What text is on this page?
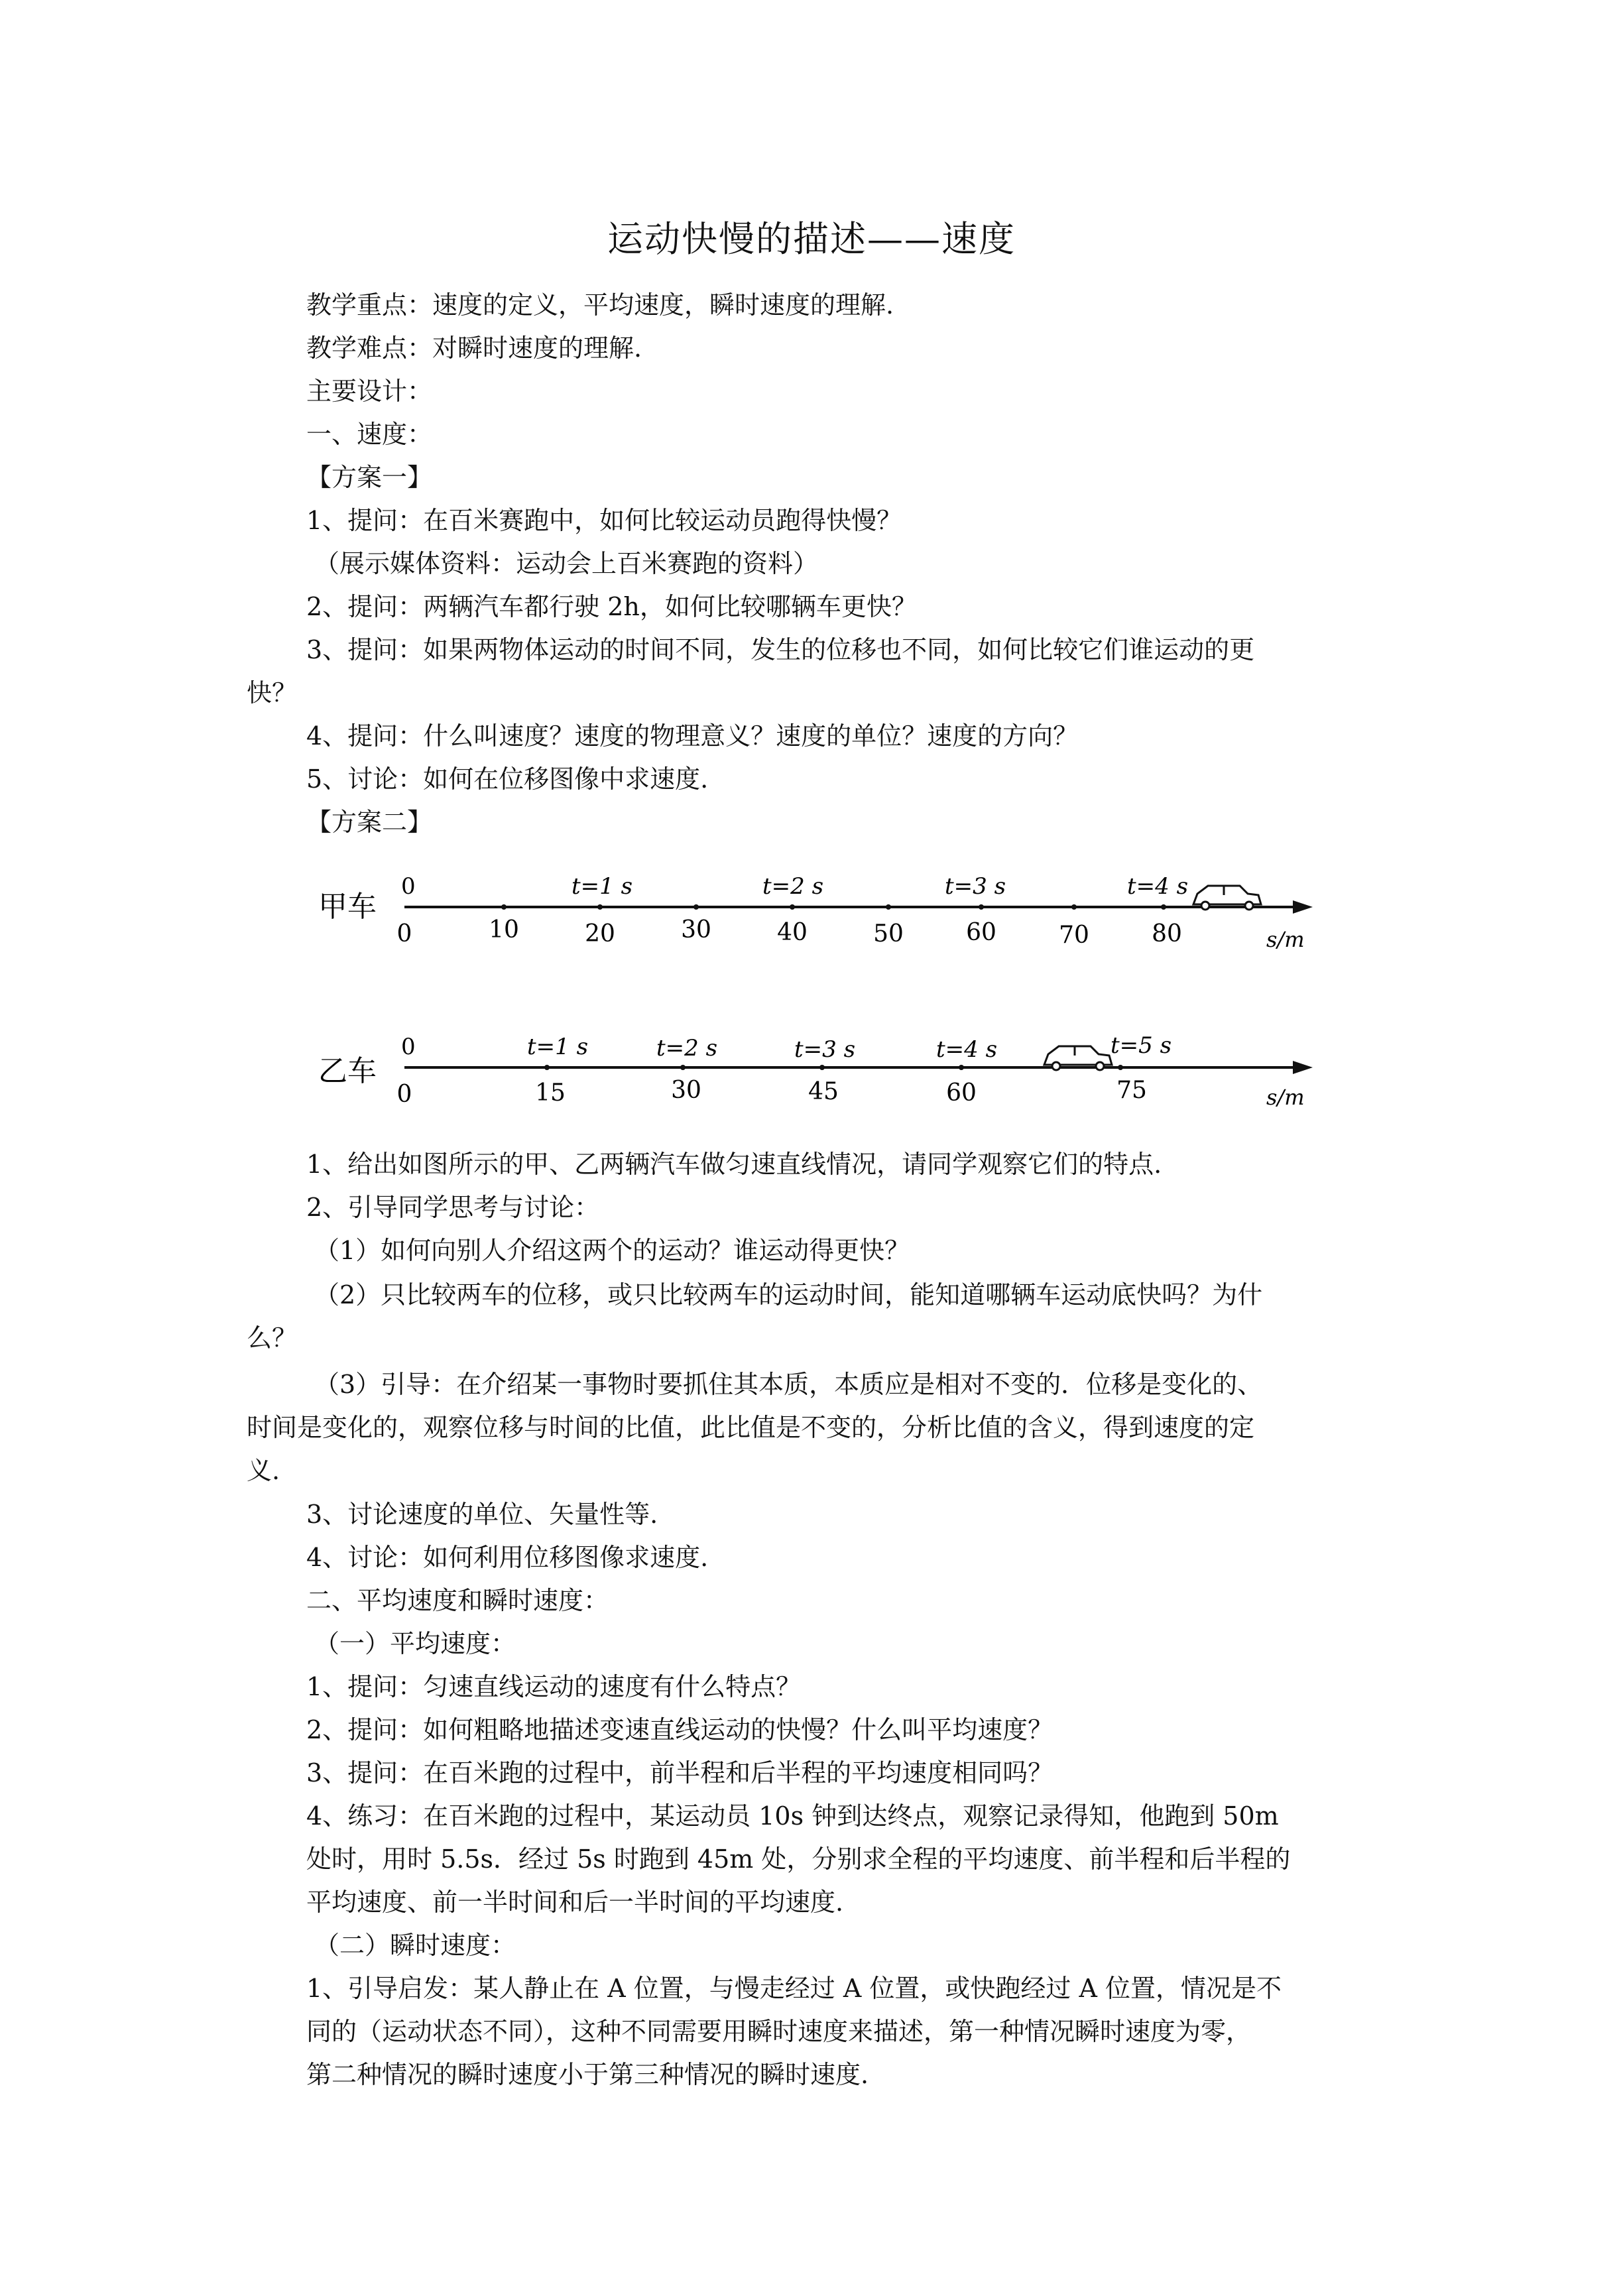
运动快慢的描述——速度
教学重点：速度的定义，平均速度，瞬时速度的理解.
教学难点：对瞬时速度的理解.
主要设计：
一、速度：
【方案一】
1、提问：在百米赛跑中，如何比较运动员跑得快慢？
（展示媒体资料：运动会上百米赛跑的资料）
2、提问：两辆汽车都行驶 2h，如何比较哪辆车更快？
3、提问：如果两物体运动的时间不同，发生的位移也不同，如何比较它们谁运动的更
快？
4、提问：什么叫速度？速度的物理意义？速度的单位？速度的方向？
5、讨论：如何在位移图像中求速度.
【方案二】
甲车
0	t=1 s	t=2 s	t=3 s	t=4 s
0	10	20	30	40	50	60	70	80	s/m
乙车
0	t=1 s	t=2 s	t=3 s	t=4 s	t=5 s
0	15	30	45	60	75	s/m
1、给出如图所示的甲、乙两辆汽车做匀速直线情况，请同学观察它们的特点.
2、引导同学思考与讨论：
（1）如何向别人介绍这两个的运动？谁运动得更快？
（2）只比较两车的位移，或只比较两车的运动时间，能知道哪辆车运动底快吗？为什
么？
（3）引导：在介绍某一事物时要抓住其本质，本质应是相对不变的．位移是变化的、
时间是变化的，观察位移与时间的比值，此比值是不变的，分析比值的含义，得到速度的定
义.
3、讨论速度的单位、矢量性等.
4、讨论：如何利用位移图像求速度.
二、平均速度和瞬时速度：
（一）平均速度：
1、提问：匀速直线运动的速度有什么特点？
2、提问：如何粗略地描述变速直线运动的快慢？什么叫平均速度？
3、提问：在百米跑的过程中，前半程和后半程的平均速度相同吗？
4、练习：在百米跑的过程中，某运动员 10s 钟到达终点，观察记录得知，他跑到 50m
处时，用时 5.5s．经过 5s 时跑到 45m 处，分别求全程的平均速度、前半程和后半程的
平均速度、前一半时间和后一半时间的平均速度.
（二）瞬时速度：
1、引导启发：某人静止在 A 位置，与慢走经过 A 位置，或快跑经过 A 位置，情况是不
同的（运动状态不同），这种不同需要用瞬时速度来描述，第一种情况瞬时速度为零，
第二种情况的瞬时速度小于第三种情况的瞬时速度.
